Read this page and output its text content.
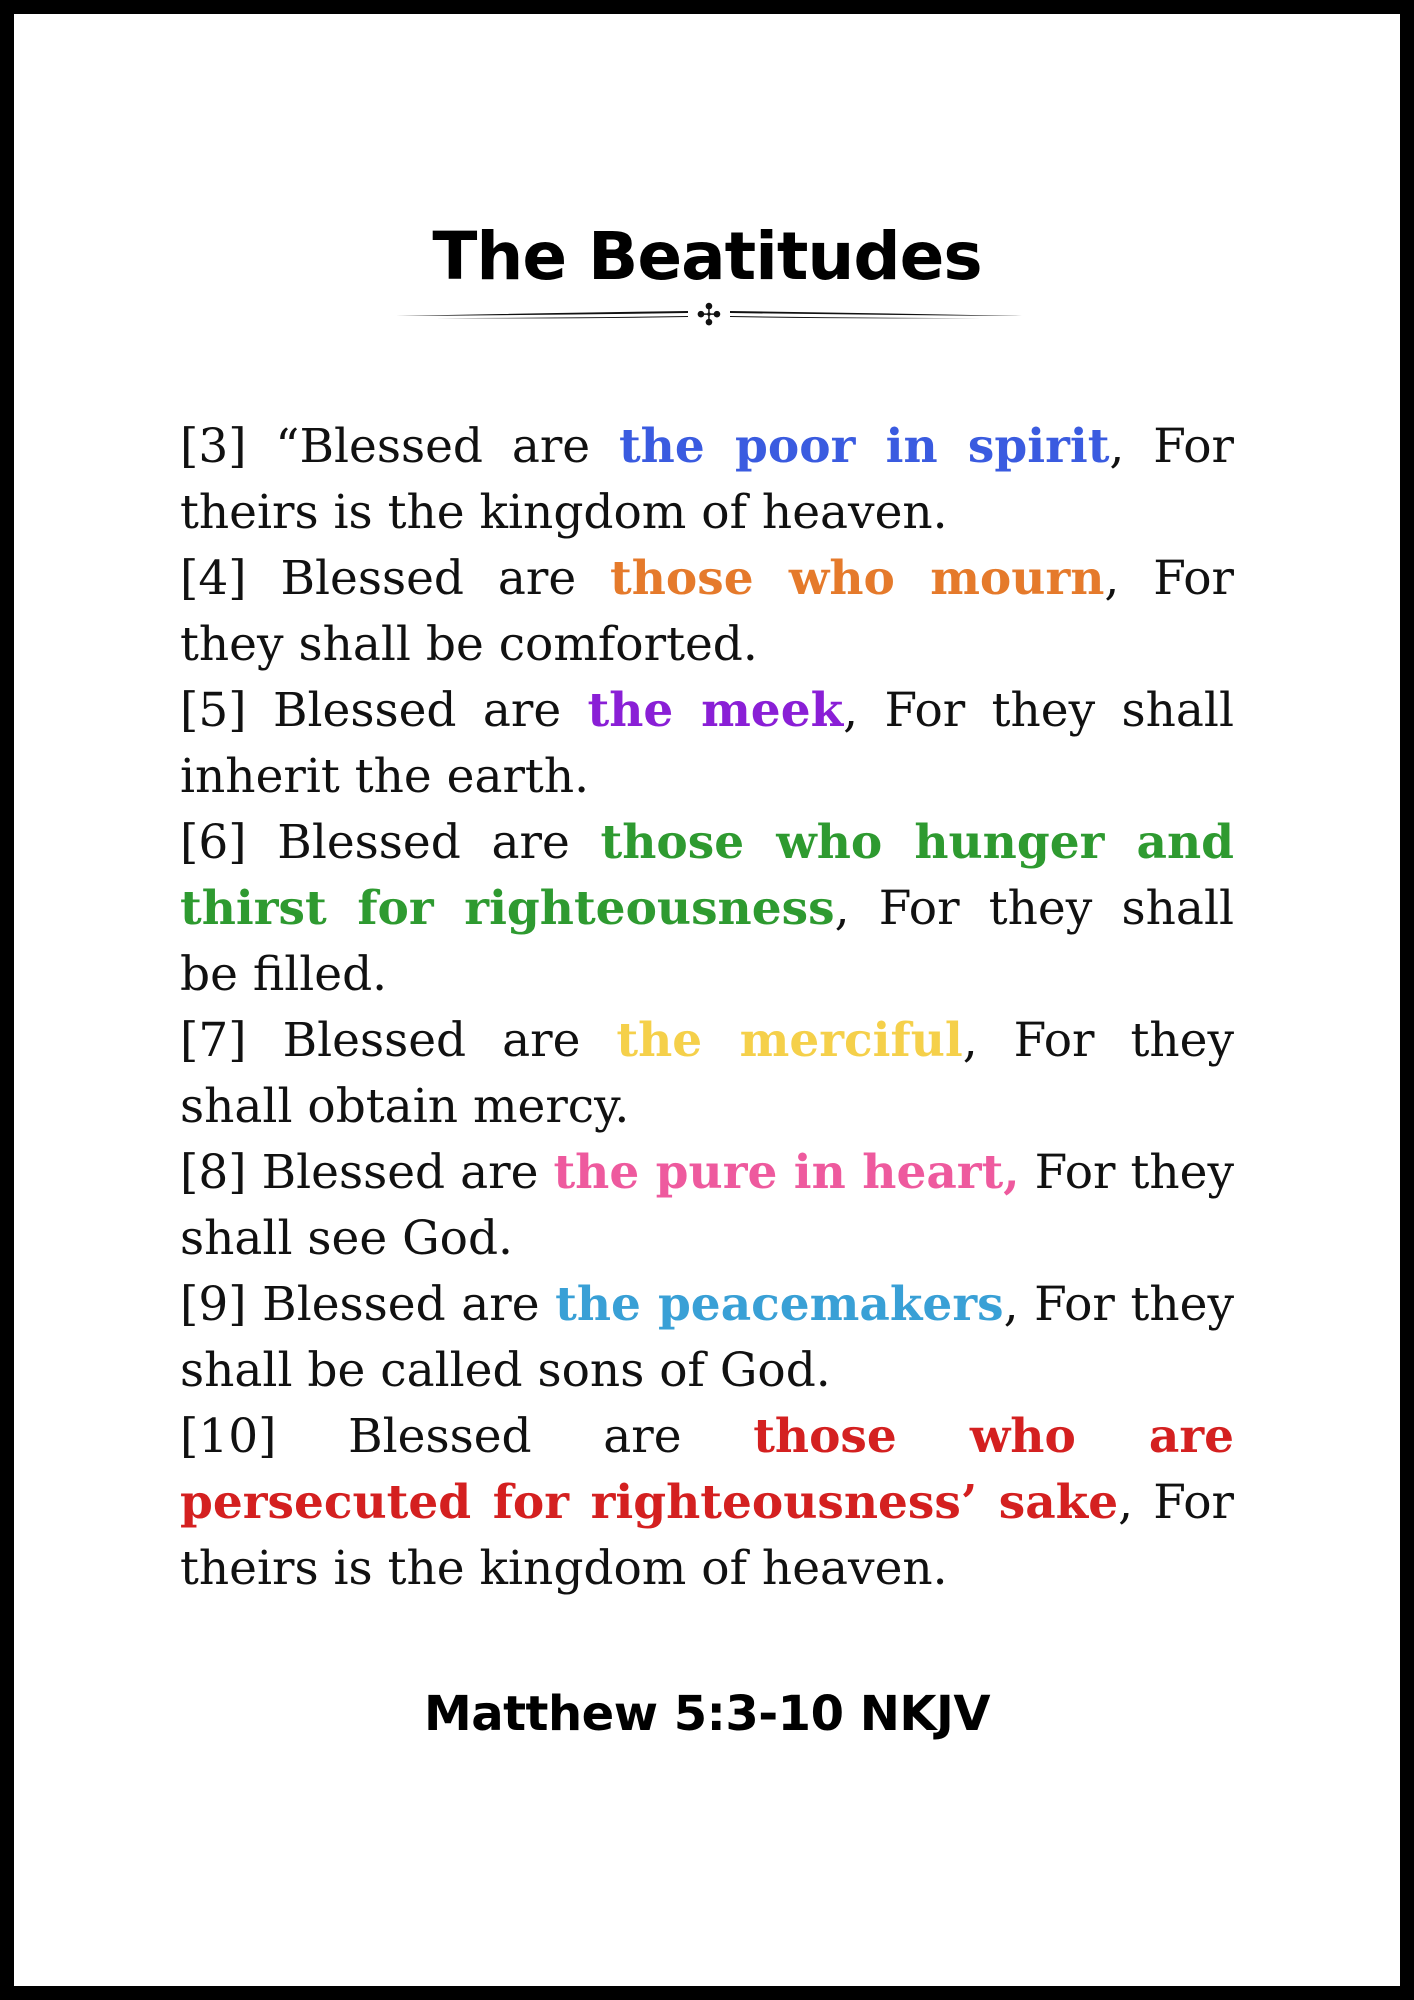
The Beatitudes
✣

[3] “Blessed are the poor in spirit, For theirs is the kingdom of heaven.

[4] Blessed are those who mourn, For they shall be comforted.

[5] Blessed are the meek, For they shall inherit the earth.

[6] Blessed are those who hunger and thirst for righteousness, For they shall be filled.

[7] Blessed are the merciful, For they shall obtain mercy.

[8] Blessed are the pure in heart, For they shall see God.

[9] Blessed are the peacemakers, For they shall be called sons of God.

[10] Blessed are those who are persecuted for righteousness’ sake, For theirs is the kingdom of heaven.

Matthew 5:3-10 NKJV
